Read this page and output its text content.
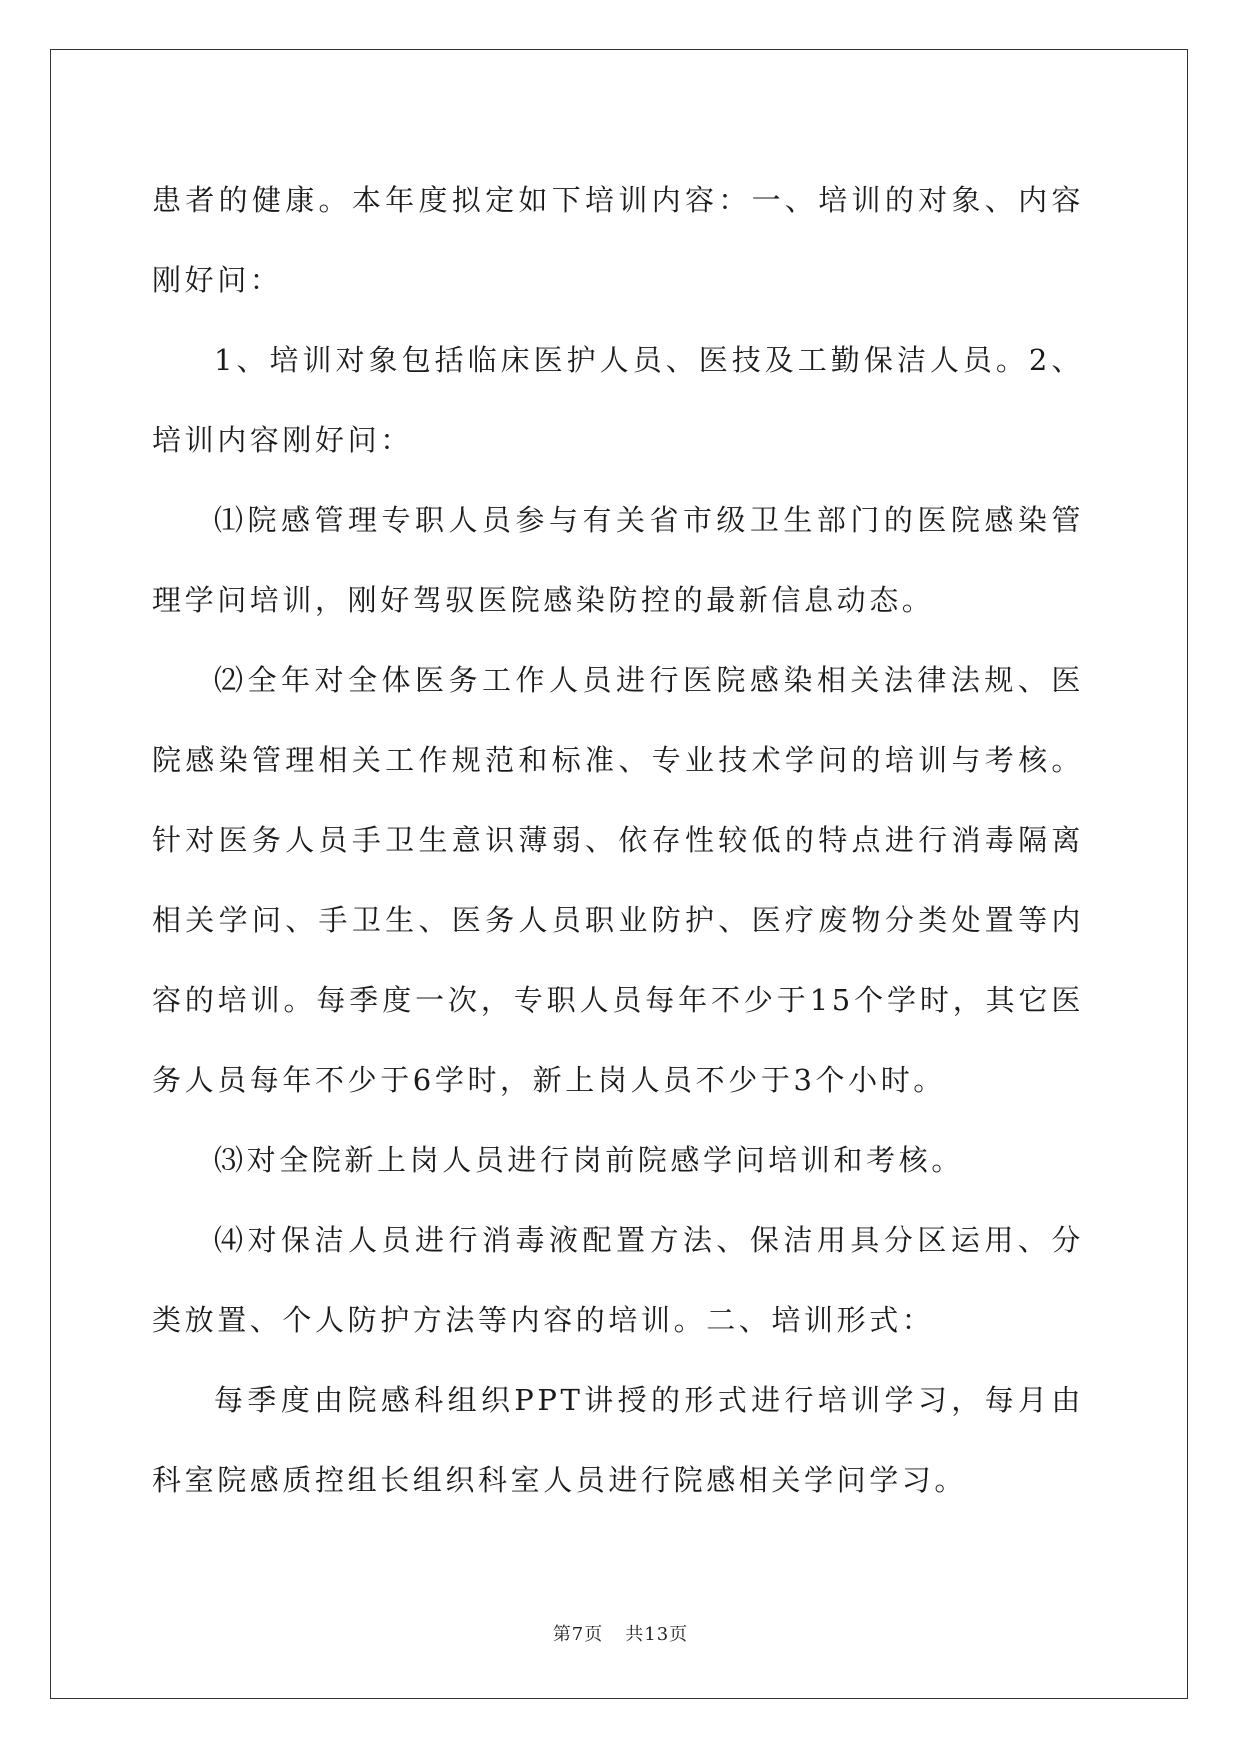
患者的健康。本年度拟定如下培训内容：一、培训的对象、内容刚好问：

1、培训对象包括临床医护人员、医技及工勤保洁人员。2、培训内容刚好问：

⑴院感管理专职人员参与有关省市级卫生部门的医院感染管理学问培训，刚好驾驭医院感染防控的最新信息动态。

⑵全年对全体医务工作人员进行医院感染相关法律法规、医院感染管理相关工作规范和标准、专业技术学问的培训与考核。针对医务人员手卫生意识薄弱、依存性较低的特点进行消毒隔离相关学问、手卫生、医务人员职业防护、医疗废物分类处置等内容的培训。每季度一次，专职人员每年不少于15个学时，其它医务人员每年不少于6学时，新上岗人员不少于3个小时。

⑶对全院新上岗人员进行岗前院感学问培训和考核。

⑷对保洁人员进行消毒液配置方法、保洁用具分区运用、分类放置、个人防护方法等内容的培训。二、培训形式：

每季度由院感科组织PPT讲授的形式进行培训学习，每月由科室院感质控组长组织科室人员进行院感相关学问学习。

第7页 共13页
